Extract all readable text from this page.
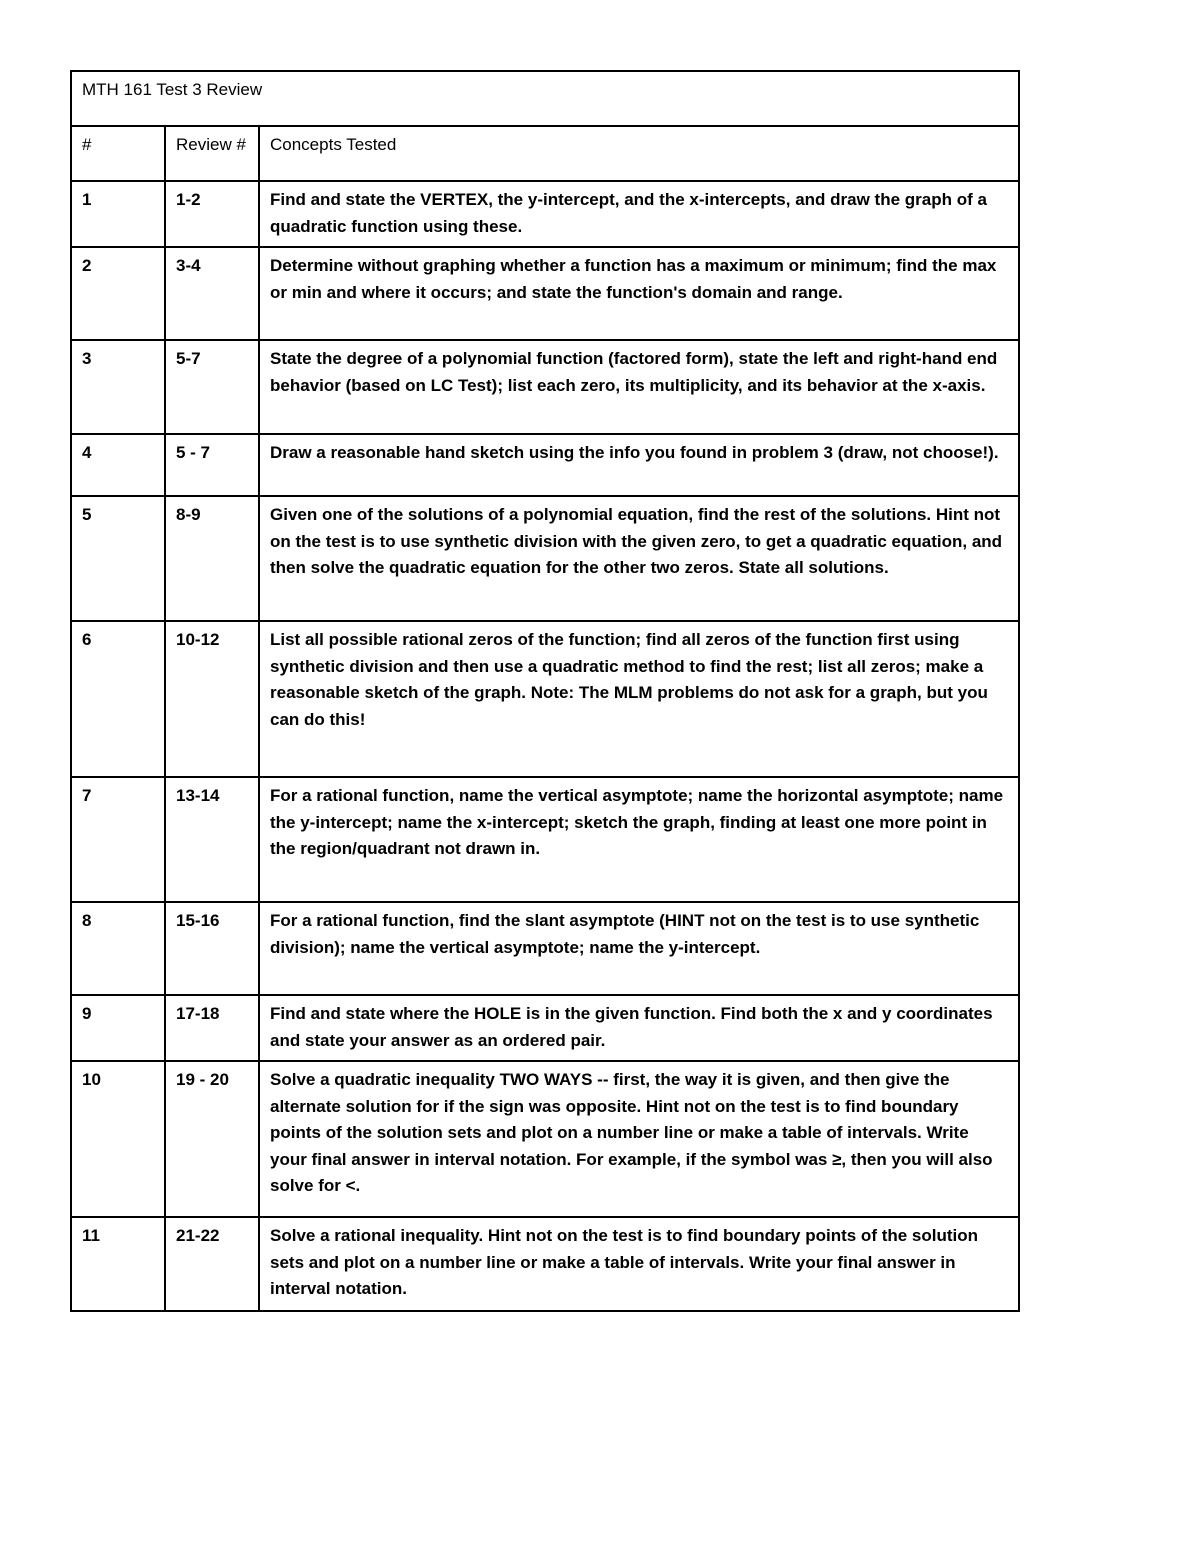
MTH 161 Test 3 Review		
#	Review #	Concepts Tested
1	1-2	Find and state the VERTEX, the y-intercept, and the x-intercepts, and draw the graph of a quadratic function using these.
2	3-4	Determine without graphing whether a function has a maximum or minimum; find the max or min and where it occurs; and state the function's domain and range.
3	5-7	State the degree of a polynomial function (factored form), state the left and right-hand end behavior (based on LC Test); list each zero, its multiplicity, and its behavior at the x-axis.
4	5 - 7	Draw a reasonable hand sketch using the info you found in problem 3 (draw, not choose!).
5	8-9	Given one of the solutions of a polynomial equation, find the rest of the solutions. Hint not on the test is to use synthetic division with the given zero, to get a quadratic equation, and then solve the quadratic equation for the other two zeros. State all solutions.
6	10-12	List all possible rational zeros of the function; find all zeros of the function first using synthetic division and then use a quadratic method to find the rest; list all zeros; make a reasonable sketch of the graph. Note: The MLM problems do not ask for a graph, but you can do this!
7	13-14	For a rational function, name the vertical asymptote; name the horizontal asymptote; name the y-intercept; name the x-intercept; sketch the graph, finding at least one more point in the region/quadrant not drawn in.
8	15-16	For a rational function, find the slant asymptote (HINT not on the test is to use synthetic division); name the vertical asymptote; name the y-intercept.
9	17-18	Find and state where the HOLE is in the given function. Find both the x and y coordinates and state your answer as an ordered pair.
10	19 - 20	Solve a quadratic inequality TWO WAYS -- first, the way it is given, and then give the alternate solution for if the sign was opposite. Hint not on the test is to find boundary points of the solution sets and plot on a number line or make a table of intervals. Write your final answer in interval notation. For example, if the symbol was ≥, then you will also solve for <.
11	21-22	Solve a rational inequality. Hint not on the test is to find boundary points of the solution sets and plot on a number line or make a table of intervals. Write your final answer in interval notation.
